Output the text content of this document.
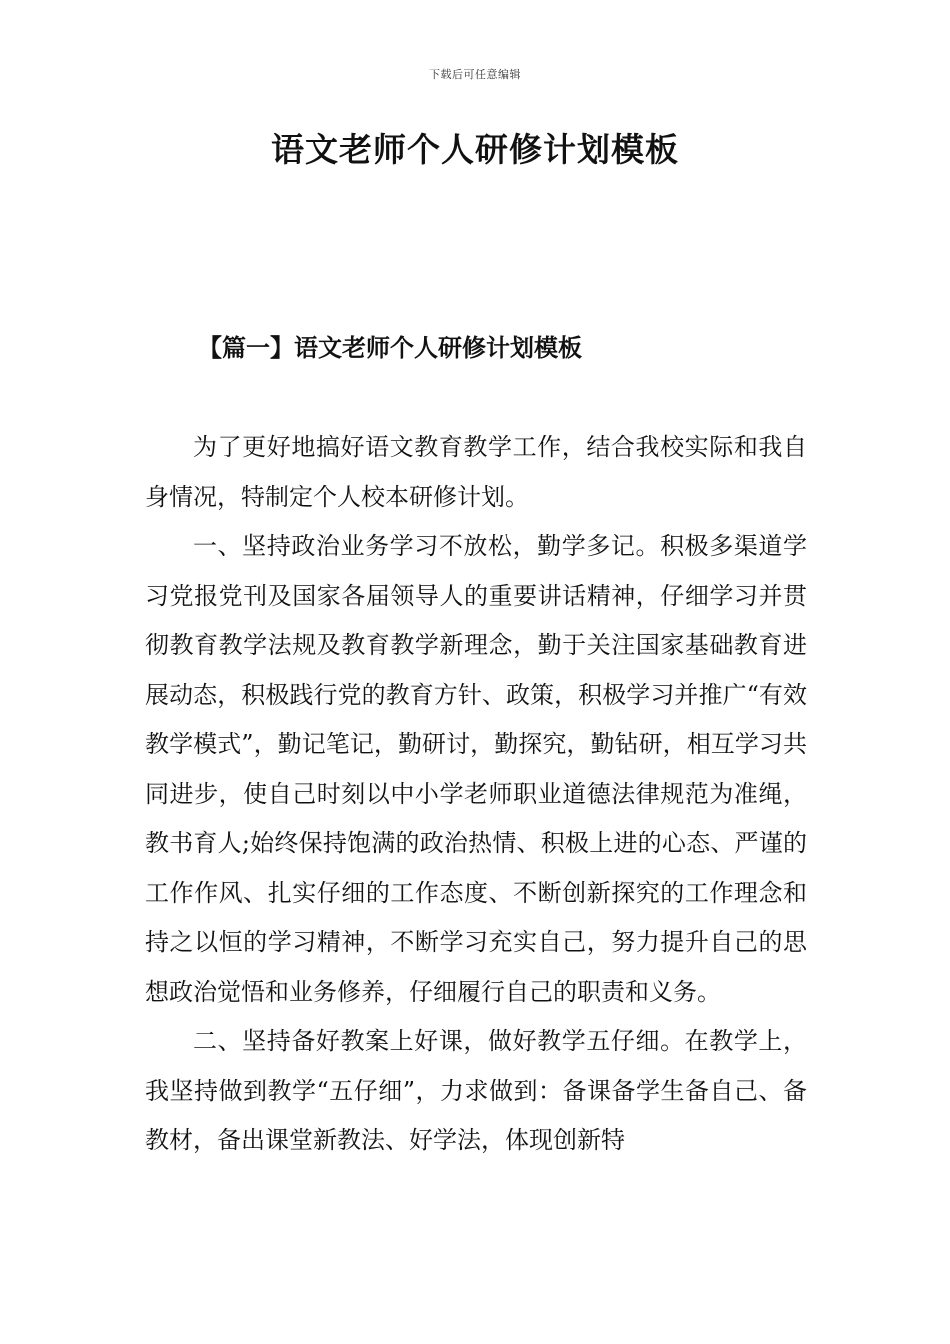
下载后可任意编辑
语文老师个人研修计划模板
【篇一】语文老师个人研修计划模板

为了更好地搞好语文教育教学工作，结合我校实际和我自身情况，特制定个人校本研修计划。

一、坚持政治业务学习不放松，勤学多记。积极多渠道学习党报党刊及国家各届领导人的重要讲话精神，仔细学习并贯彻教育教学法规及教育教学新理念，勤于关注国家基础教育进展动态，积极践行党的教育方针、政策，积极学习并推广“有效教学模式”，勤记笔记，勤研讨，勤探究，勤钻研，相互学习共同进步，使自己时刻以中小学老师职业道德法律规范为准绳，教书育人;始终保持饱满的政治热情、积极上进的心态、严谨的工作作风、扎实仔细的工作态度、不断创新探究的工作理念和持之以恒的学习精神，不断学习充实自己，努力提升自己的思想政治觉悟和业务修养，仔细履行自己的职责和义务。

二、坚持备好教案上好课，做好教学五仔细。在教学上，我坚持做到教学“五仔细”，力求做到：备课备学生备自己、备教材，备出课堂新教法、好学法，体现创新特
